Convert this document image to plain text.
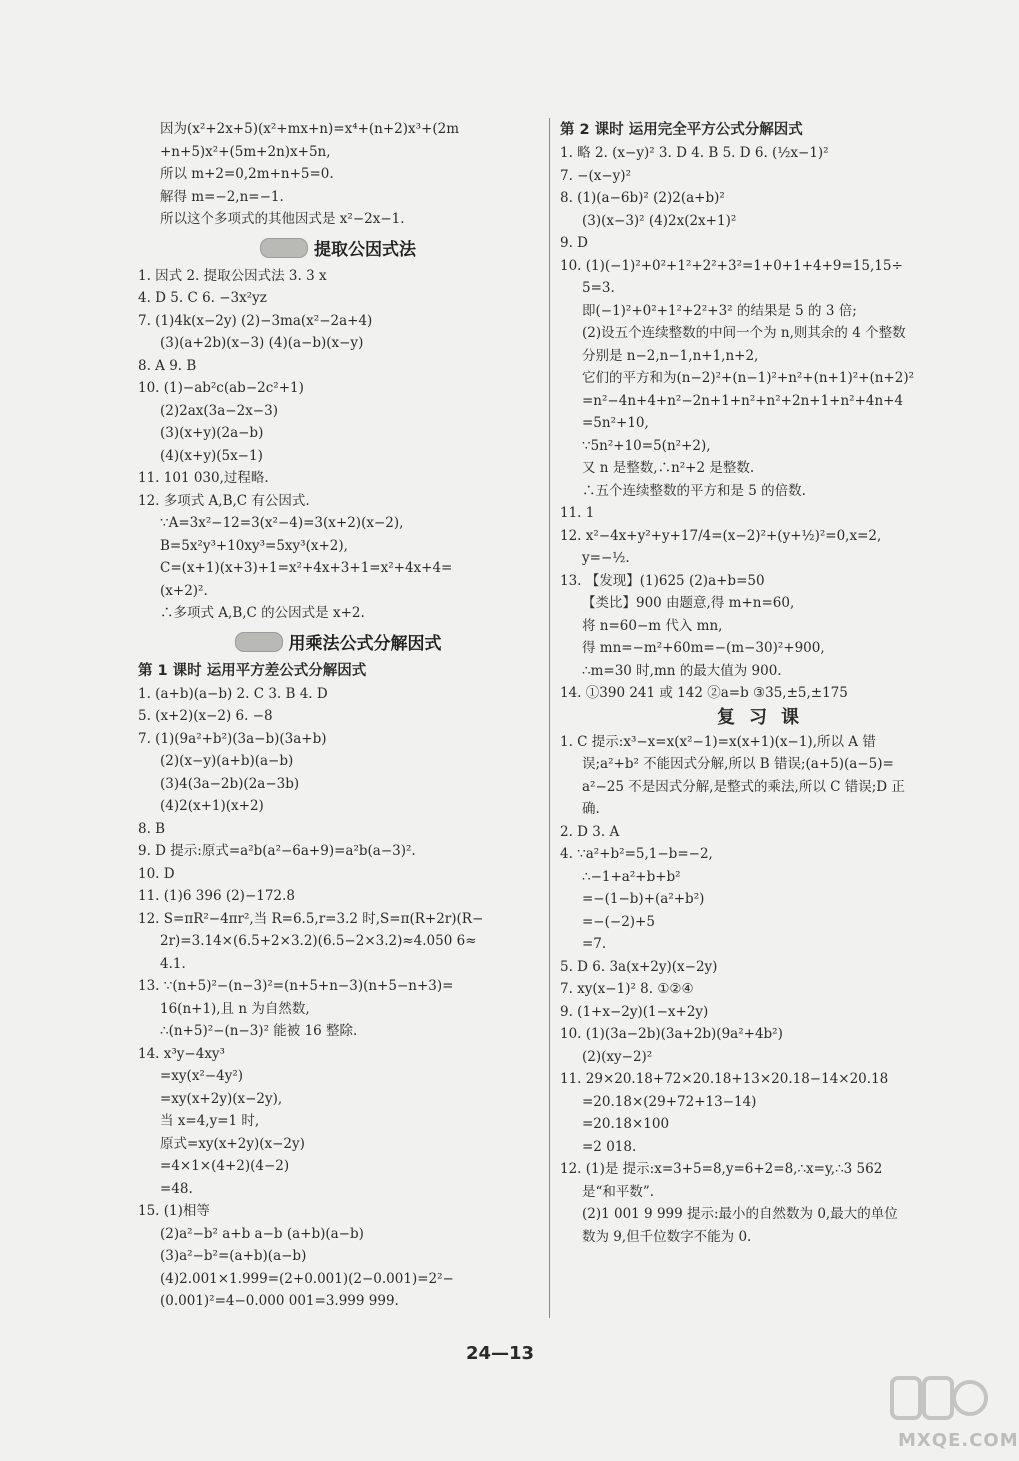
因为(x²+2x+5)(x²+mx+n)=x⁴+(n+2)x³+(2m
+n+5)x²+(5m+2n)x+5n,
所以 m+2=0,2m+n+5=0.
解得 m=−2,n=−1.
所以这个多项式的其他因式是 x²−2x−1.
提取公因式法
1. 因式 2. 提取公因式法 3. 3 x
4. D 5. C 6. −3x²yz
7. (1)4k(x−2y) (2)−3ma(x²−2a+4)
(3)(a+2b)(x−3) (4)(a−b)(x−y)
8. A 9. B
10. (1)−ab²c(ab−2c²+1)
(2)2ax(3a−2x−3)
(3)(x+y)(2a−b)
(4)(x+y)(5x−1)
11. 101 030,过程略.
12. 多项式 A,B,C 有公因式.
∵A=3x²−12=3(x²−4)=3(x+2)(x−2),
B=5x²y³+10xy³=5xy³(x+2),
C=(x+1)(x+3)+1=x²+4x+3+1=x²+4x+4=
(x+2)².
∴多项式 A,B,C 的公因式是 x+2.
用乘法公式分解因式
第 1 课时 运用平方差公式分解因式
1. (a+b)(a−b) 2. C 3. B 4. D
5. (x+2)(x−2) 6. −8
7. (1)(9a²+b²)(3a−b)(3a+b)
(2)(x−y)(a+b)(a−b)
(3)4(3a−2b)(2a−3b)
(4)2(x+1)(x+2)
8. B
9. D 提示:原式=a²b(a²−6a+9)=a²b(a−3)².
10. D
11. (1)6 396 (2)−172.8
12. S=πR²−4πr²,当 R=6.5,r=3.2 时,S=π(R+2r)(R−
2r)=3.14×(6.5+2×3.2)(6.5−2×3.2)≈4.050 6≈
4.1.
13. ∵(n+5)²−(n−3)²=(n+5+n−3)(n+5−n+3)=
16(n+1),且 n 为自然数,
∴(n+5)²−(n−3)² 能被 16 整除.
14. x³y−4xy³
=xy(x²−4y²)
=xy(x+2y)(x−2y),
当 x=4,y=1 时,
原式=xy(x+2y)(x−2y)
=4×1×(4+2)(4−2)
=48.
15. (1)相等
(2)a²−b² a+b a−b (a+b)(a−b)
(3)a²−b²=(a+b)(a−b)
(4)2.001×1.999=(2+0.001)(2−0.001)=2²−
(0.001)²=4−0.000 001=3.999 999.
第 2 课时 运用完全平方公式分解因式
1. 略 2. (x−y)² 3. D 4. B 5. D 6. (½x−1)²
7. −(x−y)²
8. (1)(a−6b)² (2)2(a+b)²
(3)(x−3)² (4)2x(2x+1)²
9. D
10. (1)(−1)²+0²+1²+2²+3²=1+0+1+4+9=15,15÷
5=3.
即(−1)²+0²+1²+2²+3² 的结果是 5 的 3 倍;
(2)设五个连续整数的中间一个为 n,则其余的 4 个整数
分别是 n−2,n−1,n+1,n+2,
它们的平方和为(n−2)²+(n−1)²+n²+(n+1)²+(n+2)²
=n²−4n+4+n²−2n+1+n²+n²+2n+1+n²+4n+4
=5n²+10,
∵5n²+10=5(n²+2),
又 n 是整数,∴n²+2 是整数.
∴五个连续整数的平方和是 5 的倍数.
11. 1
12. x²−4x+y²+y+17/4=(x−2)²+(y+½)²=0,x=2,
y=−½.
13. 【发现】(1)625 (2)a+b=50
【类比】900 由题意,得 m+n=60,
将 n=60−m 代入 mn,
得 mn=−m²+60m=−(m−30)²+900,
∴m=30 时,mn 的最大值为 900.
14. ①390 241 或 142 ②a=b ③35,±5,±175
复习课
1. C 提示:x³−x=x(x²−1)=x(x+1)(x−1),所以 A 错
误;a²+b² 不能因式分解,所以 B 错误;(a+5)(a−5)=
a²−25 不是因式分解,是整式的乘法,所以 C 错误;D 正
确.
2. D 3. A
4. ∵a²+b²=5,1−b=−2,
∴−1+a²+b+b²
=−(1−b)+(a²+b²)
=−(−2)+5
=7.
5. D 6. 3a(x+2y)(x−2y)
7. xy(x−1)² 8. ①②④
9. (1+x−2y)(1−x+2y)
10. (1)(3a−2b)(3a+2b)(9a²+4b²)
(2)(xy−2)²
11. 29×20.18+72×20.18+13×20.18−14×20.18
=20.18×(29+72+13−14)
=20.18×100
=2 018.
12. (1)是 提示:x=3+5=8,y=6+2=8,∴x=y,∴3 562
是“和平数”.
(2)1 001 9 999 提示:最小的自然数为 0,最大的单位
数为 9,但千位数字不能为 0.
24—13
MXQE.COM
